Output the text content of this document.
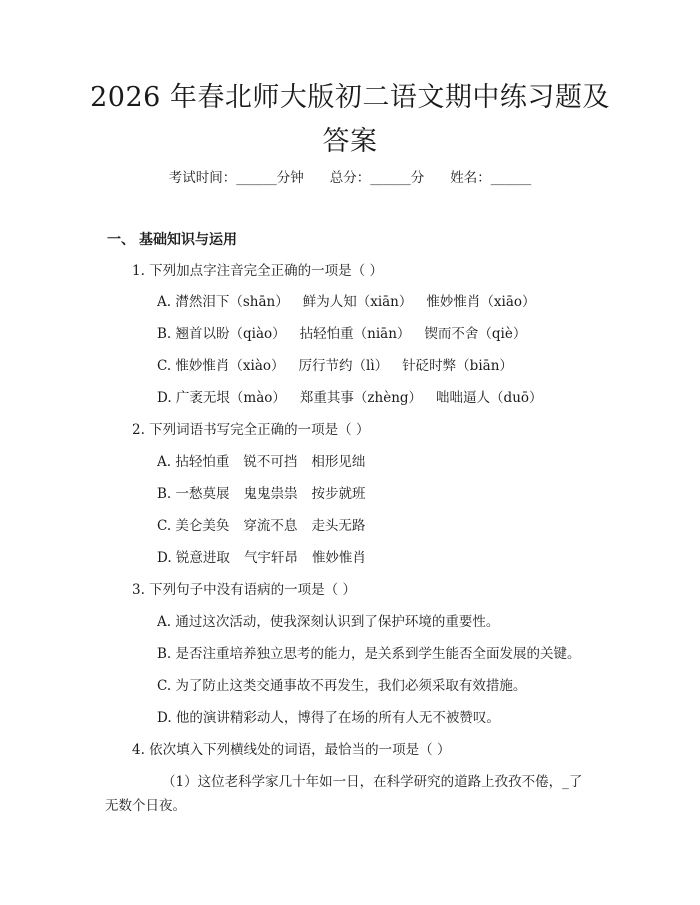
2026 年春北师大版初二语文期中练习题及答案
考试时间：______分钟 总分：______分 姓名：______
一、 基础知识与运用
1. 下列加点字注音完全正确的一项是（ ）
A. 潸然泪下（shān） 鲜为人知（xiān） 惟妙惟肖（xiāo）
B. 翘首以盼（qiào） 拈轻怕重（niān） 锲而不舍（qiè）
C. 惟妙惟肖（xiào） 厉行节约（lì） 针砭时弊（biān）
D. 广袤无垠（mào） 郑重其事（zhèng） 咄咄逼人（duō）
2. 下列词语书写完全正确的一项是（ ）
A. 拈轻怕重 锐不可挡 相形见绌
B. 一愁莫展 鬼鬼祟祟 按步就班
C. 美仑美奂 穿流不息 走头无路
D. 锐意进取 气宇轩昂 惟妙惟肖
3. 下列句子中没有语病的一项是（ ）
A. 通过这次活动，使我深刻认识到了保护环境的重要性。
B. 是否注重培养独立思考的能力，是关系到学生能否全面发展的关键。
C. 为了防止这类交通事故不再发生，我们必须采取有效措施。
D. 他的演讲精彩动人，博得了在场的所有人无不被赞叹。
4. 依次填入下列横线处的词语，最恰当的一项是（ ）
（1）这位老科学家几十年如一日，在科学研究的道路上孜孜不倦，_了无数个日夜。
